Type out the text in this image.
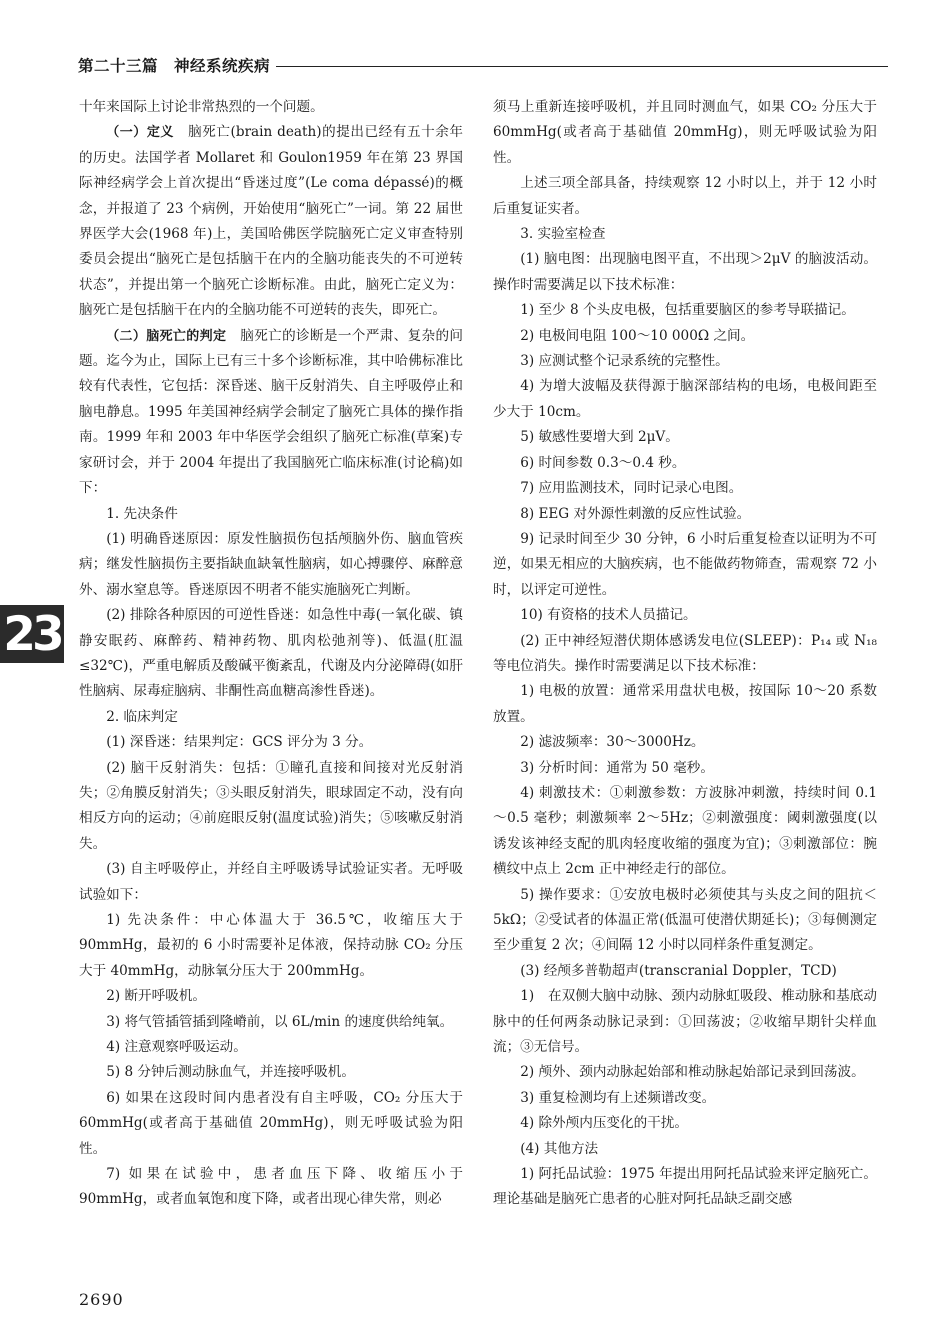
第二十三篇　神经系统疾病
23

十年来国际上讨论非常热烈的一个问题。

（一）定义　脑死亡(brain death)的提出已经有五十余年的历史。法国学者 Mollaret 和 Goulon1959 年在第 23 界国际神经病学会上首次提出“昏迷过度”(Le coma dépassé)的概念，并报道了 23 个病例，开始使用“脑死亡”一词。第 22 届世界医学大会(1968 年)上，美国哈佛医学院脑死亡定义审查特别委员会提出“脑死亡是包括脑干在内的全脑功能丧失的不可逆转状态”，并提出第一个脑死亡诊断标准。由此，脑死亡定义为：脑死亡是包括脑干在内的全脑功能不可逆转的丧失，即死亡。

（二）脑死亡的判定　脑死亡的诊断是一个严肃、复杂的问题。迄今为止，国际上已有三十多个诊断标准，其中哈佛标准比较有代表性，它包括：深昏迷、脑干反射消失、自主呼吸停止和脑电静息。1995 年美国神经病学会制定了脑死亡具体的操作指南。1999 年和 2003 年中华医学会组织了脑死亡标准(草案)专家研讨会，并于 2004 年提出了我国脑死亡临床标准(讨论稿)如下：

1. 先决条件

(1) 明确昏迷原因：原发性脑损伤包括颅脑外伤、脑血管疾病；继发性脑损伤主要指缺血缺氧性脑病，如心搏骤停、麻醉意外、溺水窒息等。昏迷原因不明者不能实施脑死亡判断。

(2) 排除各种原因的可逆性昏迷：如急性中毒(一氧化碳、镇静安眠药、麻醉药、精神药物、肌肉松弛剂等)、低温(肛温≤32℃)，严重电解质及酸碱平衡紊乱，代谢及内分泌障碍(如肝性脑病、尿毒症脑病、非酮性高血糖高渗性昏迷)。

2. 临床判定

(1) 深昏迷：结果判定：GCS 评分为 3 分。

(2) 脑干反射消失：包括：①瞳孔直接和间接对光反射消失；②角膜反射消失；③头眼反射消失，眼球固定不动，没有向相反方向的运动；④前庭眼反射(温度试验)消失；⑤咳嗽反射消失。

(3) 自主呼吸停止，并经自主呼吸诱导试验证实者。无呼吸试验如下：

1) 先决条件：中心体温大于 36.5℃，收缩压大于 90mmHg，最初的 6 小时需要补足体液，保持动脉 CO₂ 分压大于 40mmHg，动脉氧分压大于 200mmHg。

2) 断开呼吸机。

3) 将气管插管插到隆嵴前，以 6L/min 的速度供给纯氧。

4) 注意观察呼吸运动。

5) 8 分钟后测动脉血气，并连接呼吸机。

6) 如果在这段时间内患者没有自主呼吸，CO₂ 分压大于 60mmHg(或者高于基础值 20mmHg)，则无呼吸试验为阳性。

7) 如果在试验中，患者血压下降、收缩压小于 90mmHg，或者血氧饱和度下降，或者出现心律失常，则必

须马上重新连接呼吸机，并且同时测血气，如果 CO₂ 分压大于 60mmHg(或者高于基础值 20mmHg)，则无呼吸试验为阳性。

上述三项全部具备，持续观察 12 小时以上，并于 12 小时后重复证实者。

3. 实验室检查

(1) 脑电图：出现脑电图平直，不出现＞2μV 的脑波活动。操作时需要满足以下技术标准：

1) 至少 8 个头皮电极，包括重要脑区的参考导联描记。

2) 电极间电阻 100～10 000Ω 之间。

3) 应测试整个记录系统的完整性。

4) 为增大波幅及获得源于脑深部结构的电场，电极间距至少大于 10cm。

5) 敏感性要增大到 2μV。

6) 时间参数 0.3～0.4 秒。

7) 应用监测技术，同时记录心电图。

8) EEG 对外源性刺激的反应性试验。

9) 记录时间至少 30 分钟，6 小时后重复检查以证明为不可逆，如果无相应的大脑疾病，也不能做药物筛查，需观察 72 小时，以评定可逆性。

10) 有资格的技术人员描记。

(2) 正中神经短潜伏期体感诱发电位(SLEEP)：P₁₄ 或 N₁₈ 等电位消失。操作时需要满足以下技术标准：

1) 电极的放置：通常采用盘状电极，按国际 10～20 系数放置。

2) 滤波频率：30～3000Hz。

3) 分析时间：通常为 50 毫秒。

4) 刺激技术：①刺激参数：方波脉冲刺激，持续时间 0.1～0.5 毫秒；刺激频率 2～5Hz；②刺激强度：阈刺激强度(以诱发该神经支配的肌肉轻度收缩的强度为宜)；③刺激部位：腕横纹中点上 2cm 正中神经走行的部位。

5) 操作要求：①安放电极时必须使其与头皮之间的阻抗＜5kΩ；②受试者的体温正常(低温可使潜伏期延长)；③每侧测定至少重复 2 次；④间隔 12 小时以同样条件重复测定。

(3) 经颅多普勒超声(transcranial Doppler，TCD)

1)　在双侧大脑中动脉、颈内动脉虹吸段、椎动脉和基底动脉中的任何两条动脉记录到：①回荡波；②收缩早期针尖样血流；③无信号。

2) 颅外、颈内动脉起始部和椎动脉起始部记录到回荡波。

3) 重复检测均有上述频谱改变。

4) 除外颅内压变化的干扰。

(4) 其他方法

1) 阿托品试验：1975 年提出用阿托品试验来评定脑死亡。理论基础是脑死亡患者的心脏对阿托品缺乏副交感

2690
